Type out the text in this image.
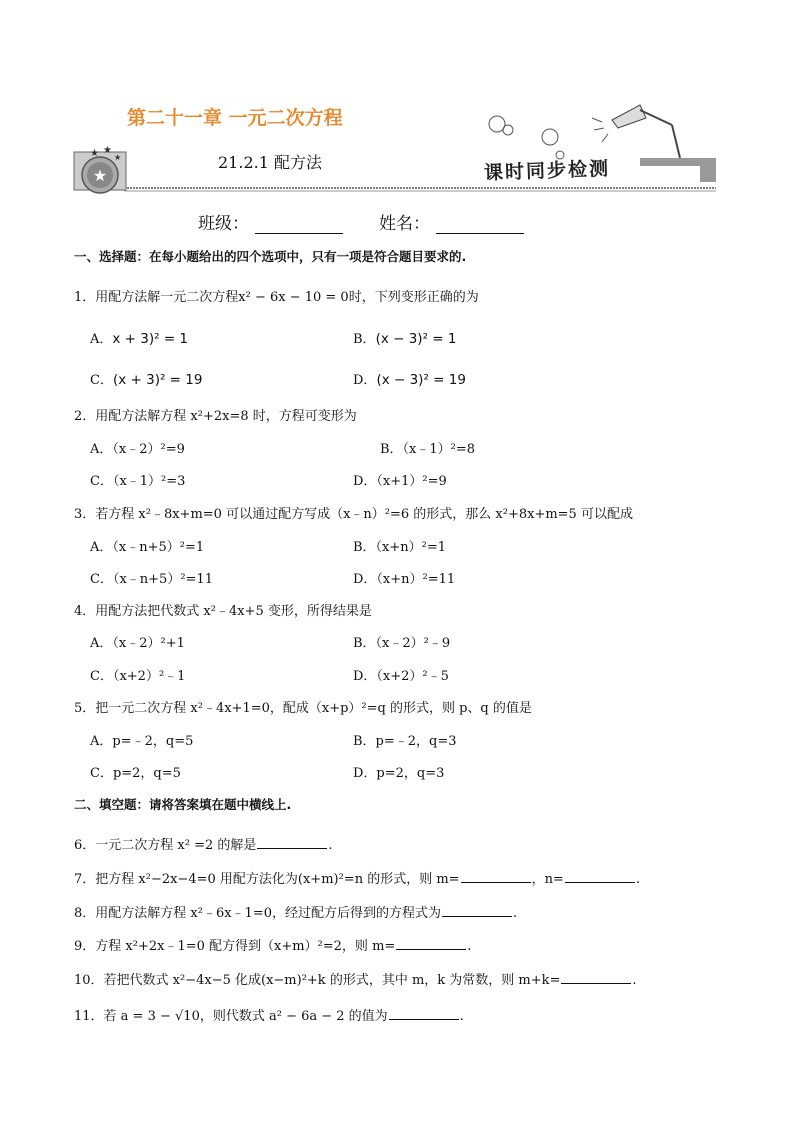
★
★ ★
★
第二十一章 一元二次方程
21.2.1 配方法	课时同步检测
班级：	姓名：
一、选择题：在每小题给出的四个选项中，只有一项是符合题目要求的.
1．用配方法解一元二次方程x² − 6x − 10 = 0时，下列变形正确的为
A．x + 3)² = 1	B．(x − 3)² = 1
C．(x + 3)² = 19	D．(x − 3)² = 19
2．用配方法解方程 x²+2x=8 时，方程可变形为
A．（x﹣2）²=9	B．（x﹣1）²=8
C．（x﹣1）²=3	D．（x+1）²=9
3．若方程 x²﹣8x+m=0 可以通过配方写成（x﹣n）²=6 的形式，那么 x²+8x+m=5 可以配成
A．（x﹣n+5）²=1	B．（x+n）²=1
C．（x﹣n+5）²=11	D．（x+n）²=11
4．用配方法把代数式 x²﹣4x+5 变形，所得结果是
A．（x﹣2）²+1	B．（x﹣2）²﹣9
C．（x+2）²﹣1	D．（x+2）²﹣5
5．把一元二次方程 x²﹣4x+1=0，配成（x+p）²=q 的形式，则 p、q 的值是
A．p=﹣2，q=5	B．p=﹣2，q=3
C．p=2，q=5	D．p=2，q=3
二、填空题：请将答案填在题中横线上.
6．一元二次方程 x² =2 的解是	.
7．把方程 x²−2x−4=0 用配方法化为(x+m)²=n 的形式，则 m=	，n=	.
8．用配方法解方程 x²﹣6x﹣1=0，经过配方后得到的方程式为	.
9．方程 x²+2x﹣1=0 配方得到（x+m）²=2，则 m=	.
10．若把代数式 x²−4x−5 化成(x−m)²+k 的形式，其中 m，k 为常数，则 m+k=	.
11．若 a = 3 − √10，则代数式 a² − 6a − 2 的值为	.
